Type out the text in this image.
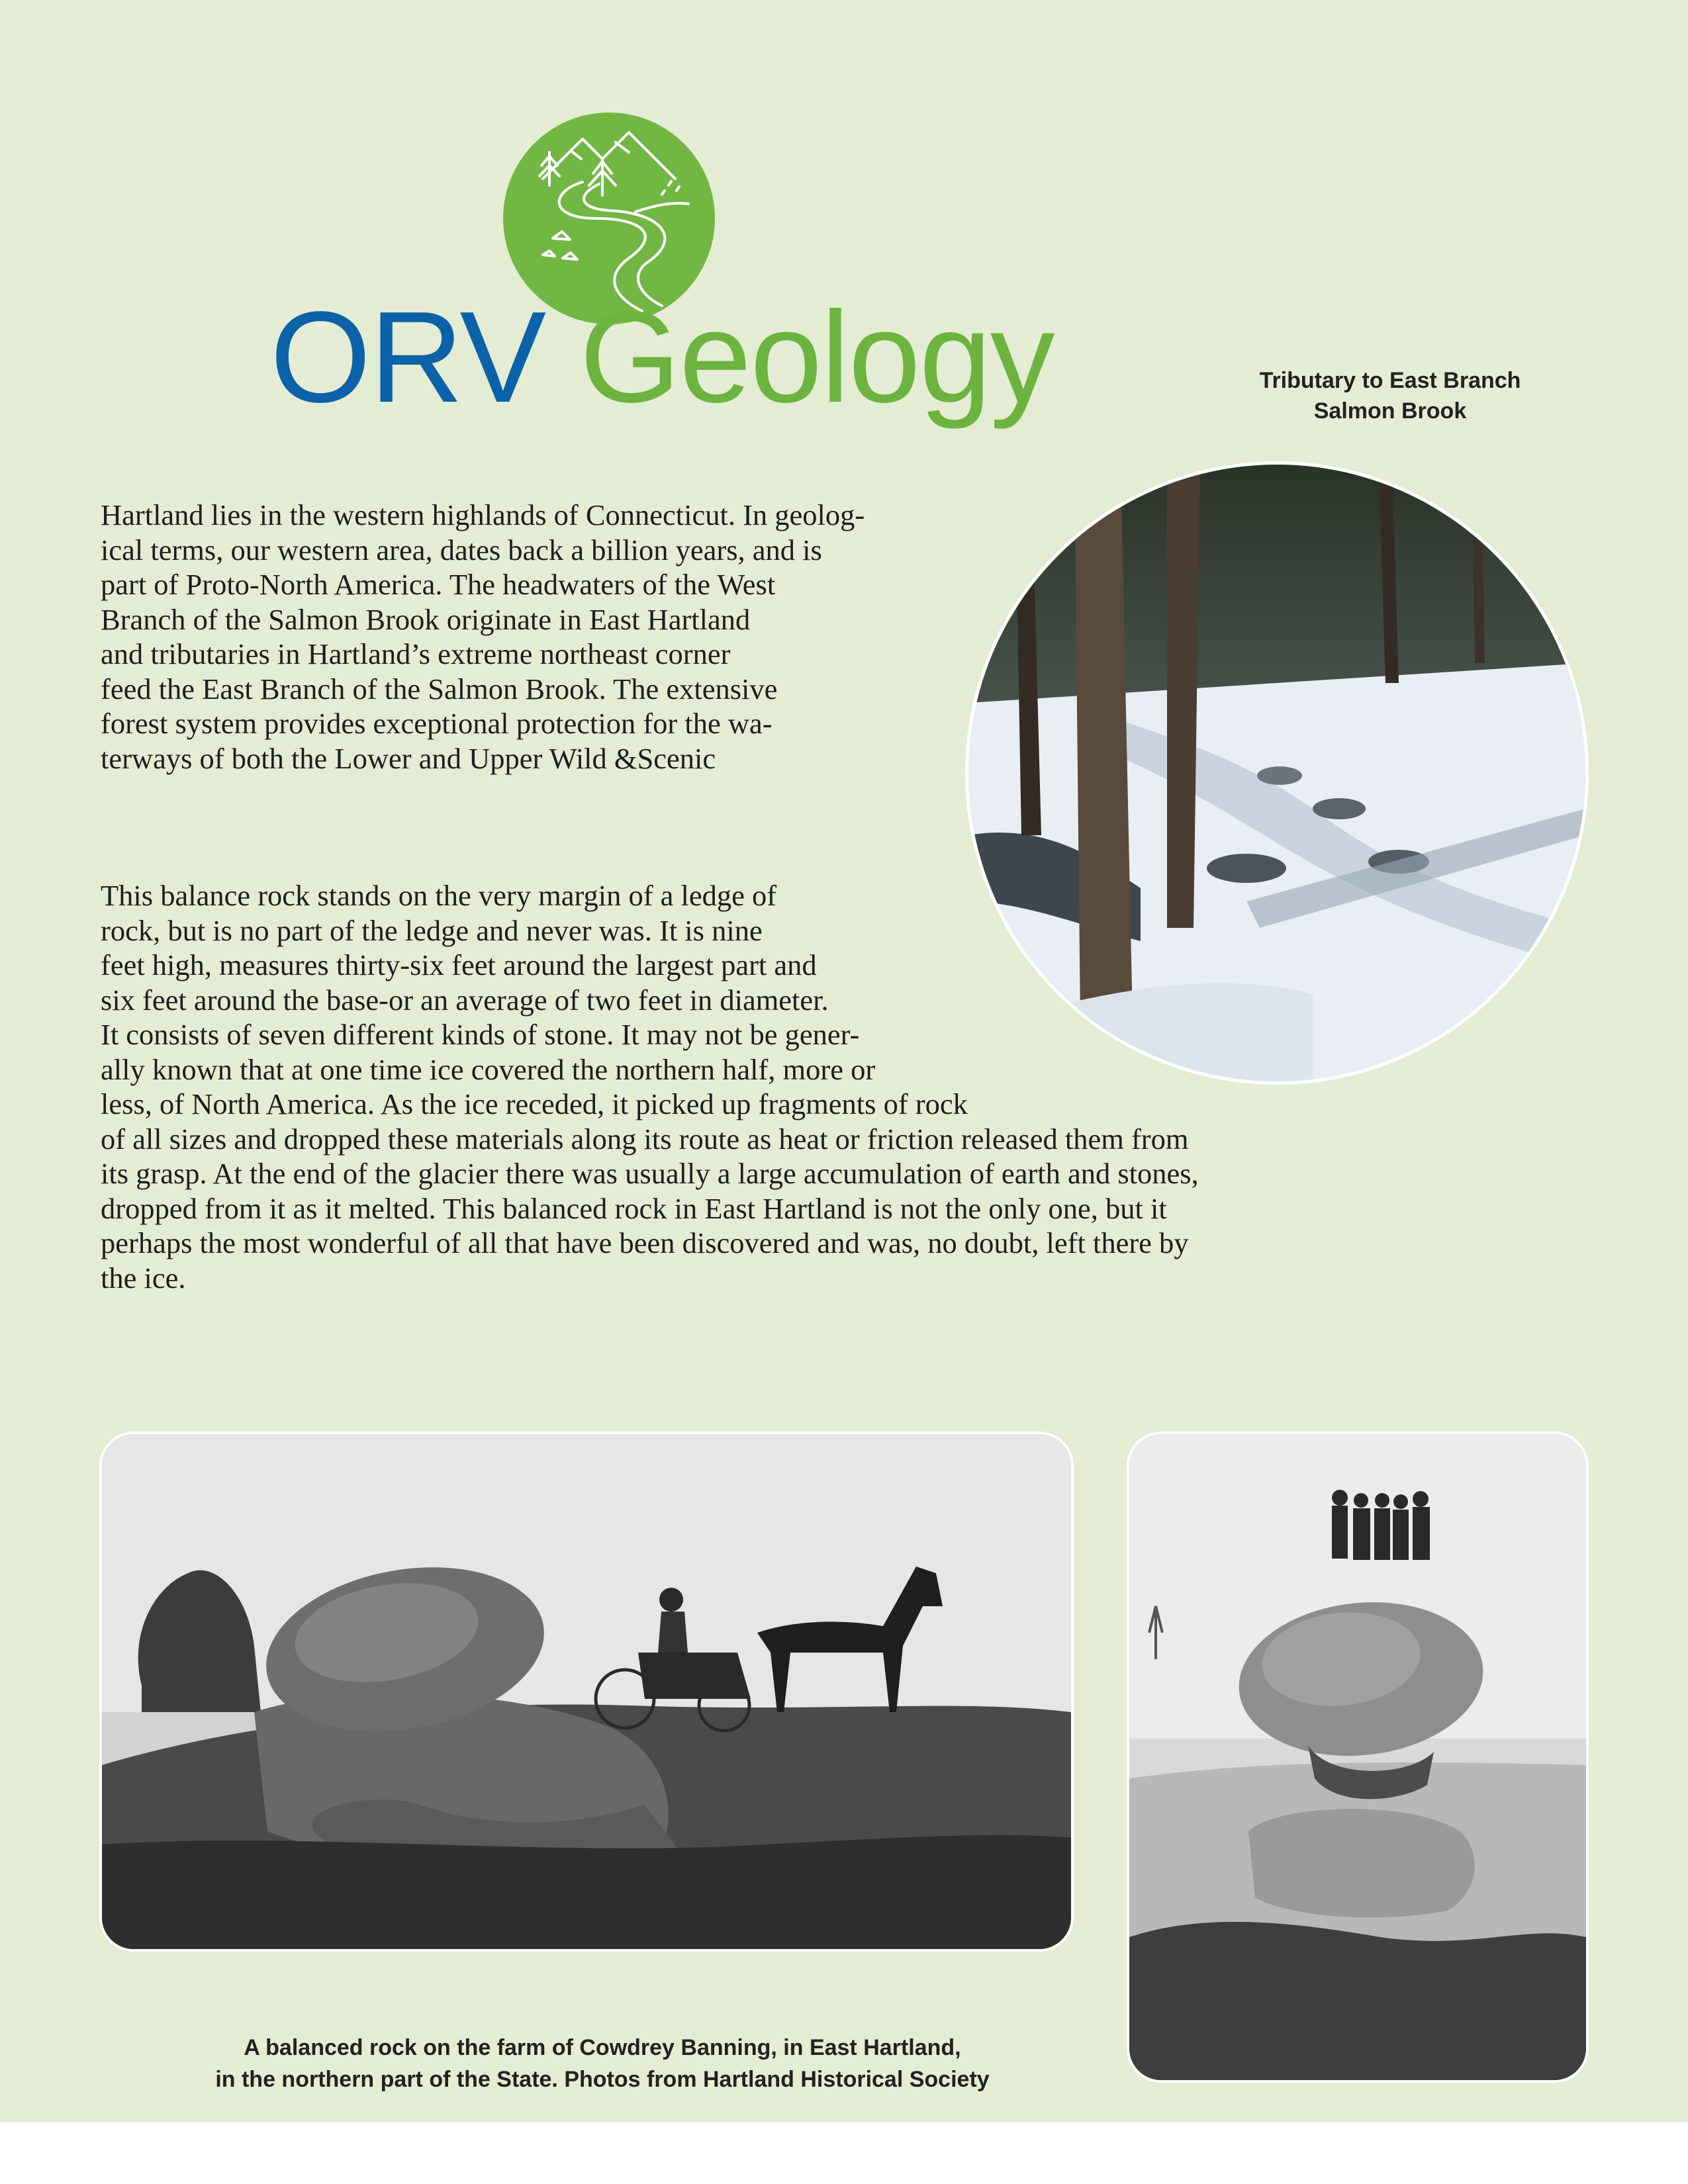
ORV Geology	Tributary to East Branch
Salmon Brook
Hartland lies in the western highlands of Connecticut. In geolog-
ical terms, our western area, dates back a billion years, and is
part of Proto-North America. The headwaters of the West
Branch of the Salmon Brook originate in East Hartland
and tributaries in Hartland’s extreme northeast corner
feed the East Branch of the Salmon Brook. The extensive
forest system provides exceptional protection for the wa-
terways of both the Lower and Upper Wild &Scenic
This balance rock stands on the very margin of a ledge of
rock, but is no part of the ledge and never was. It is nine
feet high, measures thirty-six feet around the largest part and
six feet around the base-or an average of two feet in diameter.
It consists of seven different kinds of stone. It may not be gener-
ally known that at one time ice covered the northern half, more or
less, of North America. As the ice receded, it picked up fragments of rock
of all sizes and dropped these materials along its route as heat or friction released them from
its grasp. At the end of the glacier there was usually a large accumulation of earth and stones,
dropped from it as it melted. This balanced rock in East Hartland is not the only one, but it
perhaps the most wonderful of all that have been discovered and was, no doubt, left there by
the ice.
A balanced rock on the farm of Cowdrey Banning, in East Hartland,
in the northern part of the State. Photos from Hartland Historical Society
